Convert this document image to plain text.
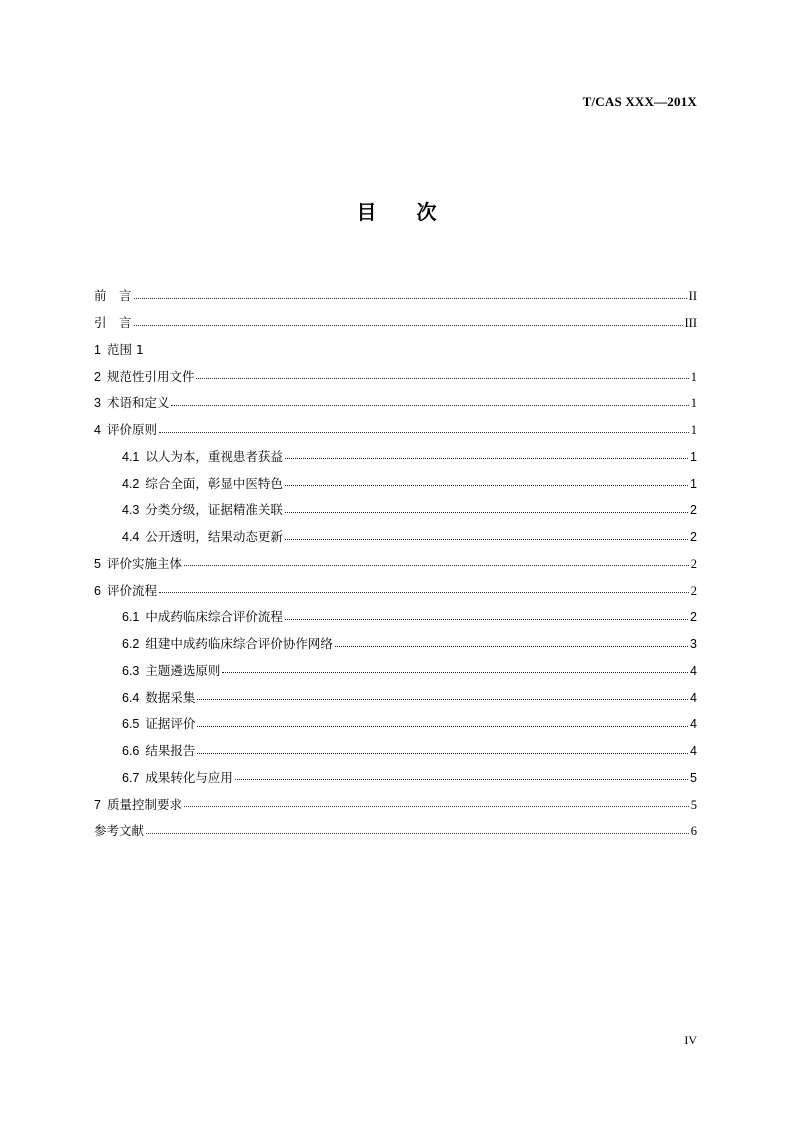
T/CAS XXX—201X
目 次
前　言	II
引　言	III
1 范围 1
2 规范性引用文件	1
3 术语和定义	1
4 评价原则	1
4.1 以人为本，重视患者获益	1
4.2 综合全面，彰显中医特色	1
4.3 分类分级，证据精准关联	2
4.4 公开透明，结果动态更新	2
5 评价实施主体	2
6 评价流程	2
6.1 中成药临床综合评价流程	2
6.2 组建中成药临床综合评价协作网络	3
6.3 主题遴选原则	4
6.4 数据采集	4
6.5 证据评价	4
6.6 结果报告	4
6.7 成果转化与应用	5
7 质量控制要求	5
参考文献	6
IV
